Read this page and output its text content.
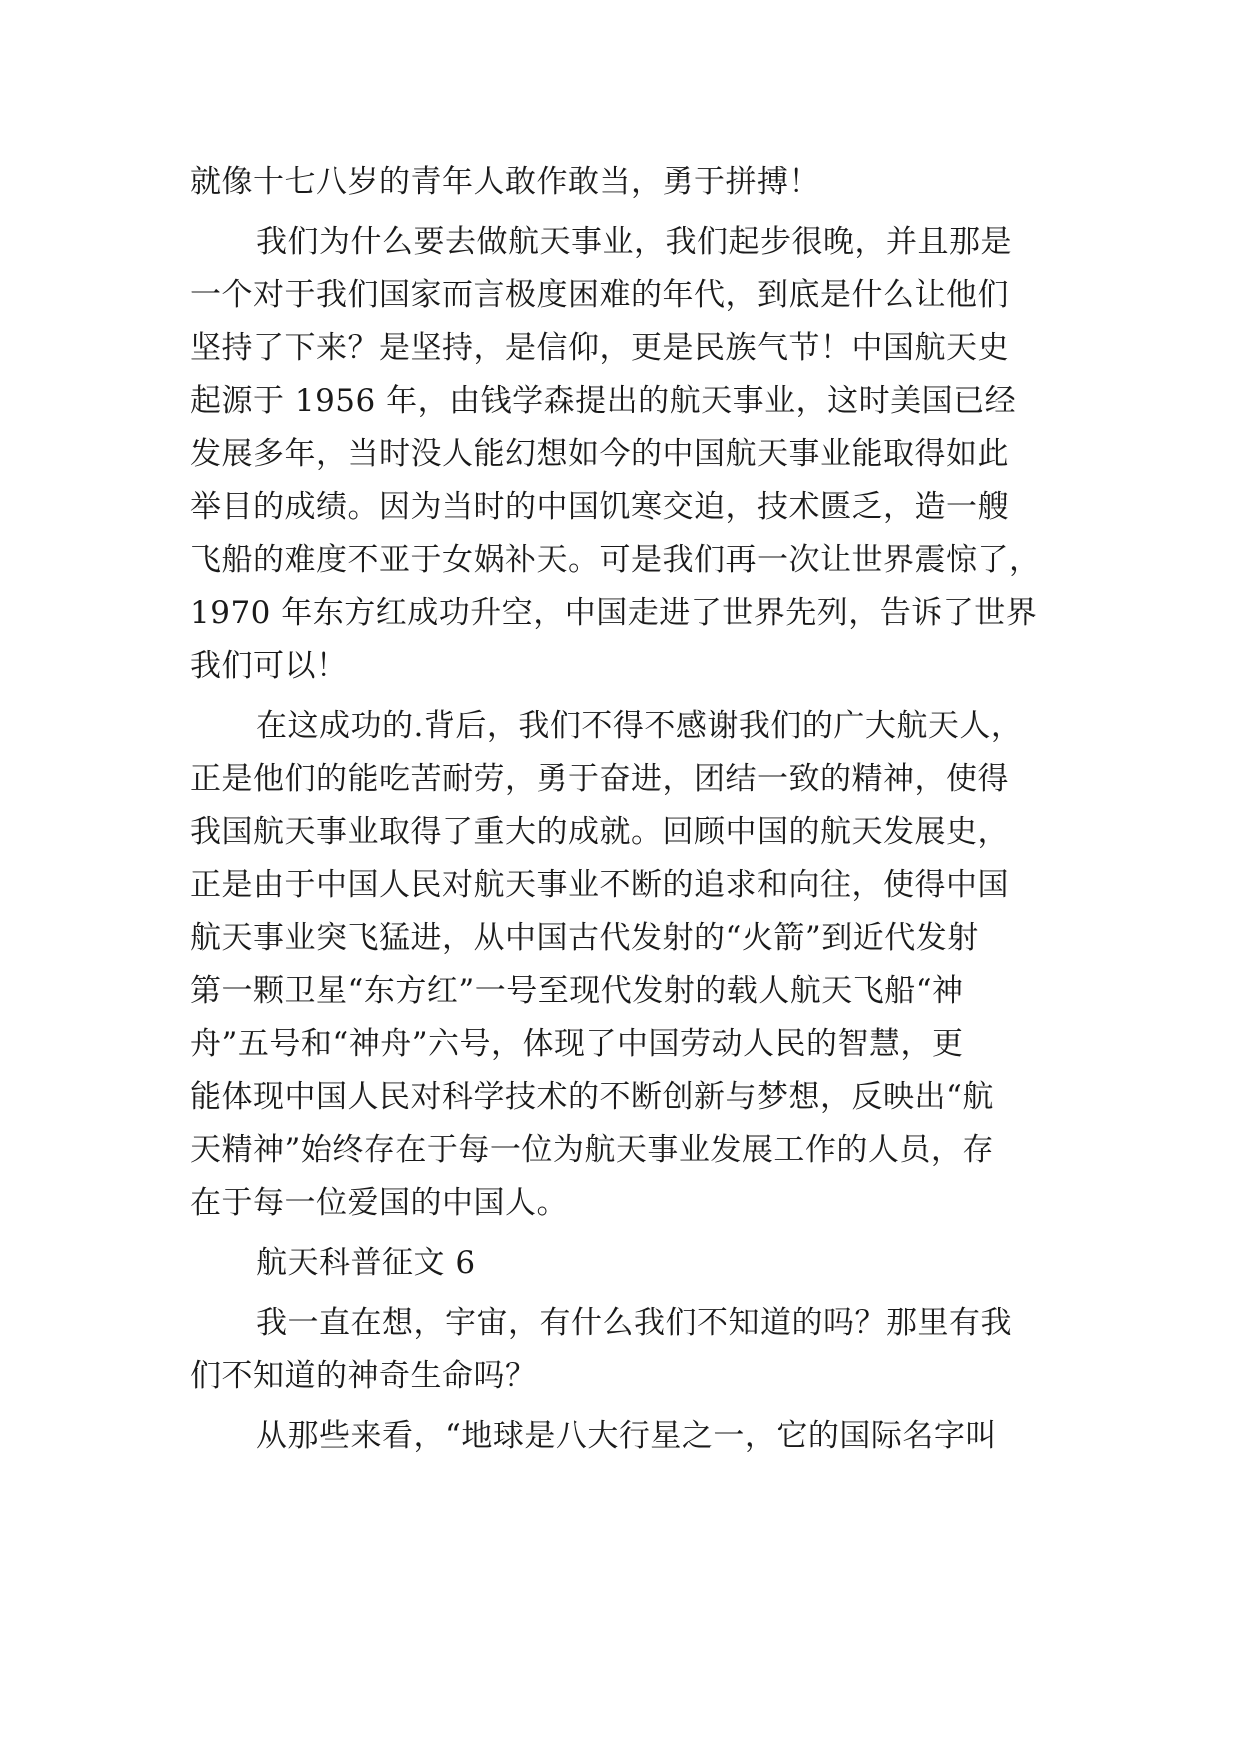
就像十七八岁的青年人敢作敢当，勇于拼搏！
我们为什么要去做航天事业，我们起步很晚，并且那是
一个对于我们国家而言极度困难的年代，到底是什么让他们
坚持了下来？是坚持，是信仰，更是民族气节！中国航天史
起源于 1956 年，由钱学森提出的航天事业，这时美国已经
发展多年，当时没人能幻想如今的中国航天事业能取得如此
举目的成绩。因为当时的中国饥寒交迫，技术匮乏，造一艘
飞船的难度不亚于女娲补天。可是我们再一次让世界震惊了，
1970 年东方红成功升空，中国走进了世界先列，告诉了世界
我们可以！
在这成功的.背后，我们不得不感谢我们的广大航天人，
正是他们的能吃苦耐劳，勇于奋进，团结一致的精神，使得
我国航天事业取得了重大的成就。回顾中国的航天发展史，
正是由于中国人民对航天事业不断的追求和向往，使得中国
航天事业突飞猛进，从中国古代发射的“火箭”到近代发射
第一颗卫星“东方红”一号至现代发射的载人航天飞船“神
舟”五号和“神舟”六号，体现了中国劳动人民的智慧，更
能体现中国人民对科学技术的不断创新与梦想，反映出“航
天精神”始终存在于每一位为航天事业发展工作的人员，存
在于每一位爱国的中国人。
航天科普征文 6
我一直在想，宇宙，有什么我们不知道的吗？那里有我
们不知道的神奇生命吗？
从那些来看，“地球是八大行星之一，它的国际名字叫
